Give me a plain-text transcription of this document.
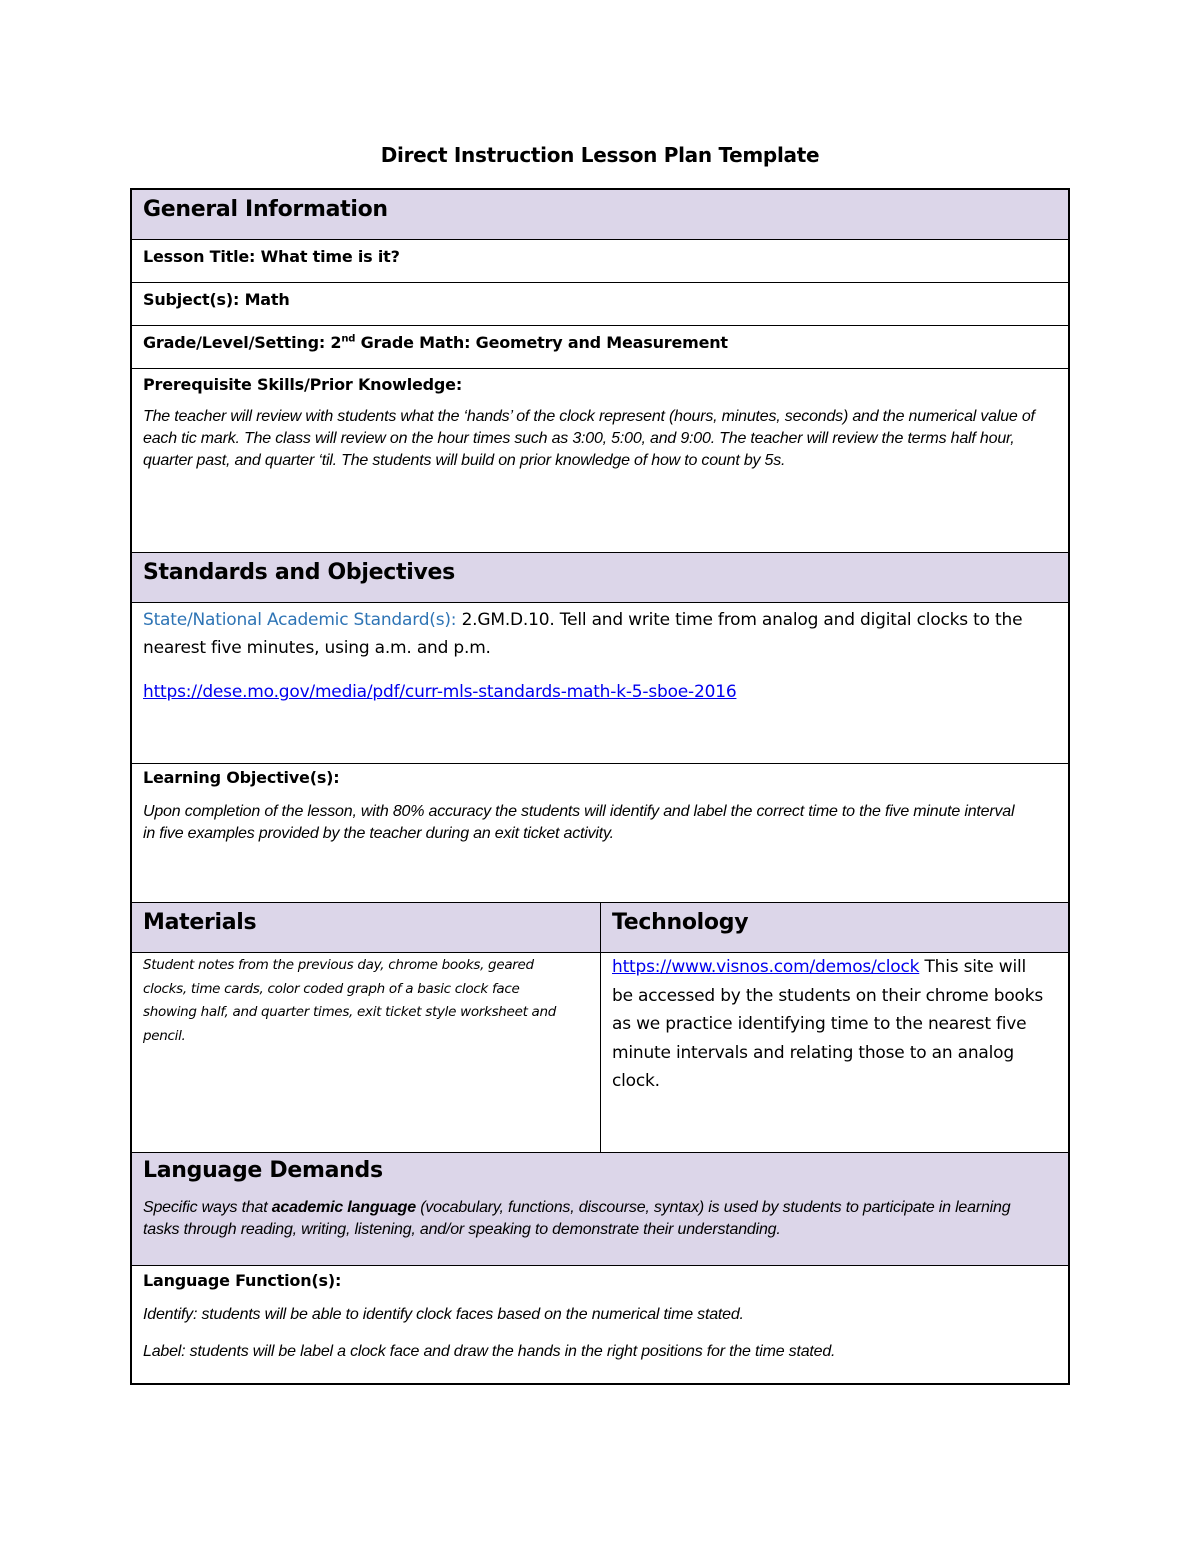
Direct Instruction Lesson Plan Template
General Information
Lesson Title: What time is it?
Subject(s): Math
Grade/Level/Setting: 2nd Grade Math: Geometry and Measurement
Prerequisite Skills/Prior Knowledge:
The teacher will review with students what the ‘hands’ of the clock represent (hours, minutes, seconds) and the numerical value of each tic mark. The class will review on the hour times such as 3:00, 5:00, and 9:00. The teacher will review the terms half hour, quarter past, and quarter ‘til. The students will build on prior knowledge of how to count by 5s.
Standards and Objectives
State/National Academic Standard(s): 2.GM.D.10. Tell and write time from analog and digital clocks to the nearest five minutes, using a.m. and p.m.
https://dese.mo.gov/media/pdf/curr-mls-standards-math-k-5-sboe-2016
Learning Objective(s):
Upon completion of the lesson, with 80% accuracy the students will identify and label the correct time to the five minute interval in five examples provided by the teacher during an exit ticket activity.
Materials	Technology
Student notes from the previous day, chrome books, geared clocks, time cards, color coded graph of a basic clock face showing half, and quarter times, exit ticket style worksheet and pencil.
https://www.visnos.com/demos/clock This site will be accessed by the students on their chrome books as we practice identifying time to the nearest five minute intervals and relating those to an analog clock.
Language Demands
Specific ways that academic language (vocabulary, functions, discourse, syntax) is used by students to participate in learning tasks through reading, writing, listening, and/or speaking to demonstrate their understanding.
Language Function(s):
Identify: students will be able to identify clock faces based on the numerical time stated.
Label: students will be label a clock face and draw the hands in the right positions for the time stated.
